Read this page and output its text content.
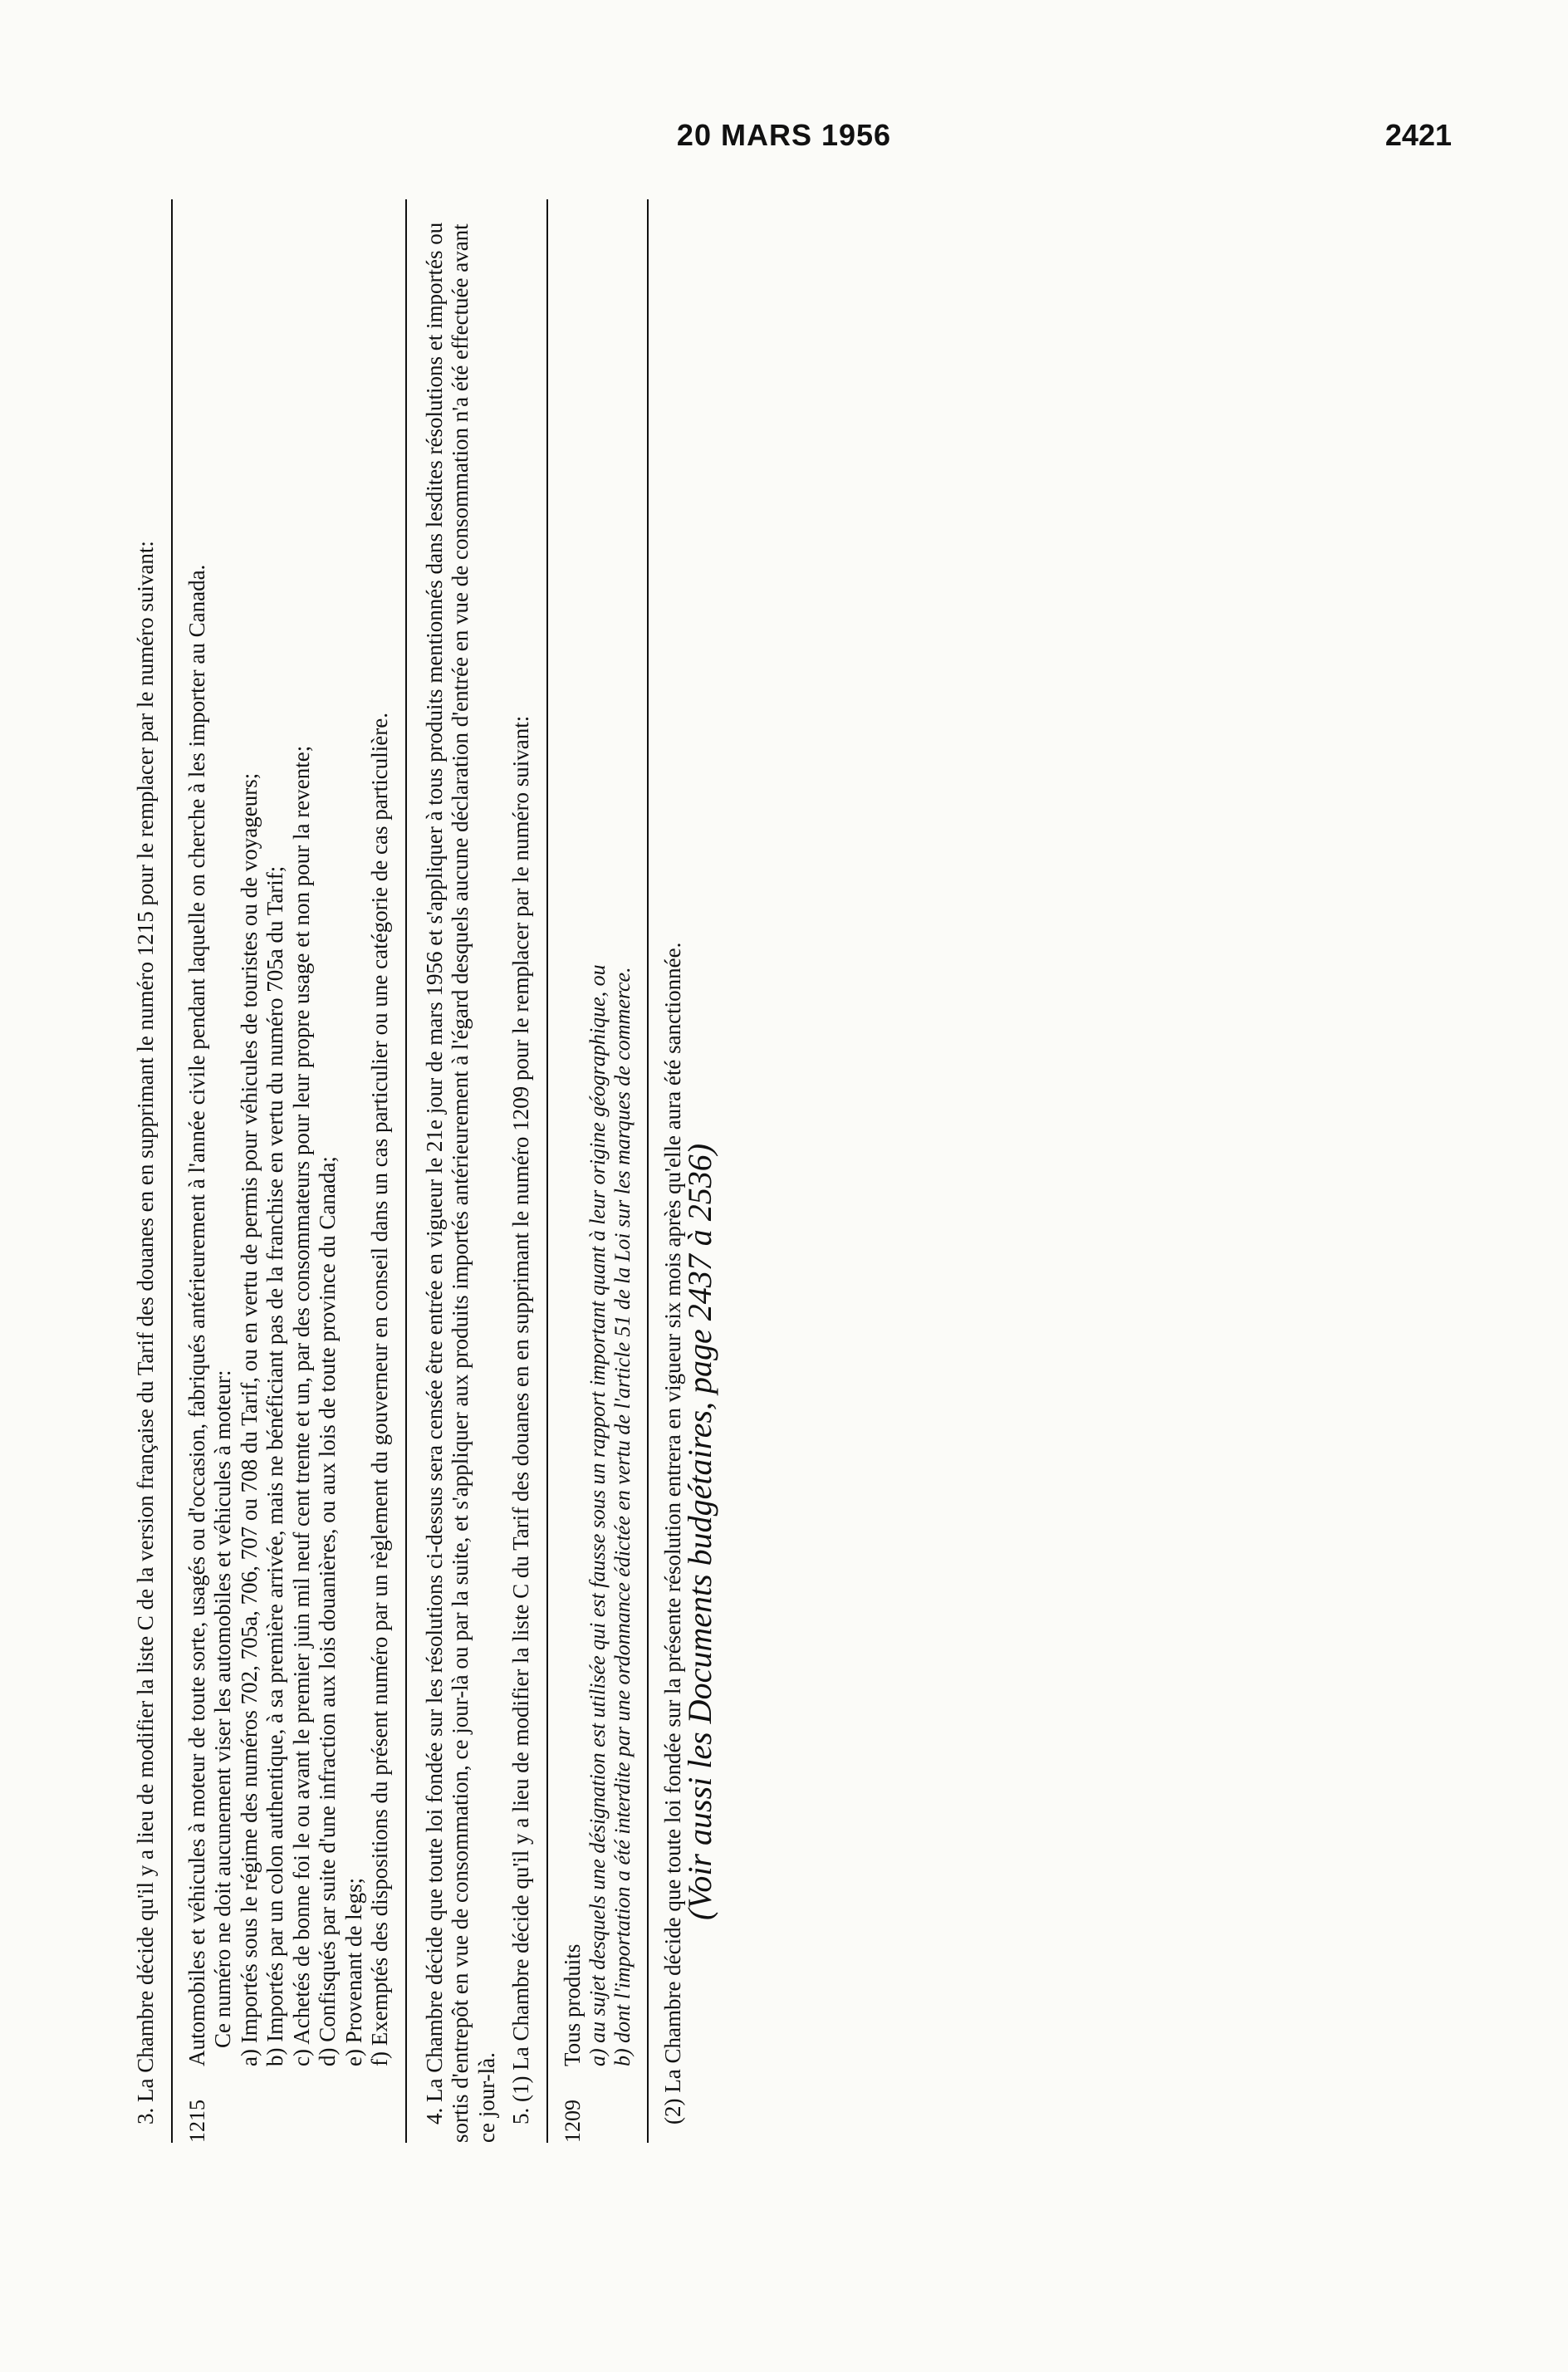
20 MARS 1956	2421

3. La Chambre décide qu'il y a lieu de modifier la liste C de la version française du Tarif des douanes en en supprimant le numéro 1215 pour le remplacer par le numéro suivant: 1215

Automobiles et véhicules à moteur de toute sorte, usagés ou d'occasion, fabriqués antérieurement à l'année civile pendant laquelle on cherche à les importer au Canada. Ce numéro ne doit aucunement viser les automobiles et véhicules à moteur: a) Importés sous le régime des numéros 702, 705a, 706, 707 ou 708 du Tarif, ou en vertu de permis pour véhicules de touristes ou de voyageurs; b) Importés par un colon authentique, à sa première arrivée, mais ne bénéficiant pas de la franchise en vertu du numéro 705a du Tarif; c) Achetés de bonne foi le ou avant le premier juin mil neuf cent trente et un, par des consommateurs pour leur propre usage et non pour la revente; d) Confisqués par suite d'une infraction aux lois douanières, ou aux lois de toute province du Canada; e) Provenant de legs; f) Exemptés des dispositions du présent numéro par un règlement du gouverneur en conseil dans un cas particulier ou une catégorie de cas particulière. 4. La Chambre décide que toute loi fondée sur les résolutions ci-dessus sera censée être entrée en vigueur le 21e jour de mars 1956 et s'appliquer à tous produits mentionnés dans lesdites résolutions et importés ou sortis d'entrepôt en vue de consommation, ce jour-là ou par la suite, et s'appliquer aux produits importés antérieurement à l'égard desquels aucune déclaration d'entrée en vue de consommation n'a été effectuée avant ce jour-là. 5. (1) La Chambre décide qu'il y a lieu de modifier la liste C du Tarif des douanes en en supprimant le numéro 1209 pour le remplacer par le numéro suivant: 1209

Tous produits a) au sujet desquels une désignation est utilisée qui est fausse sous un rapport important quant à leur origine géographique, ou b) dont l'importation a été interdite par une ordonnance édictée en vertu de l'article 51 de la Loi sur les marques de commerce. (2) La Chambre décide que toute loi fondée sur la présente résolution entrera en vigueur six mois après qu'elle aura été sanctionnée.

(Voir aussi les Documents budgétaires, page 2437 à 2536)
